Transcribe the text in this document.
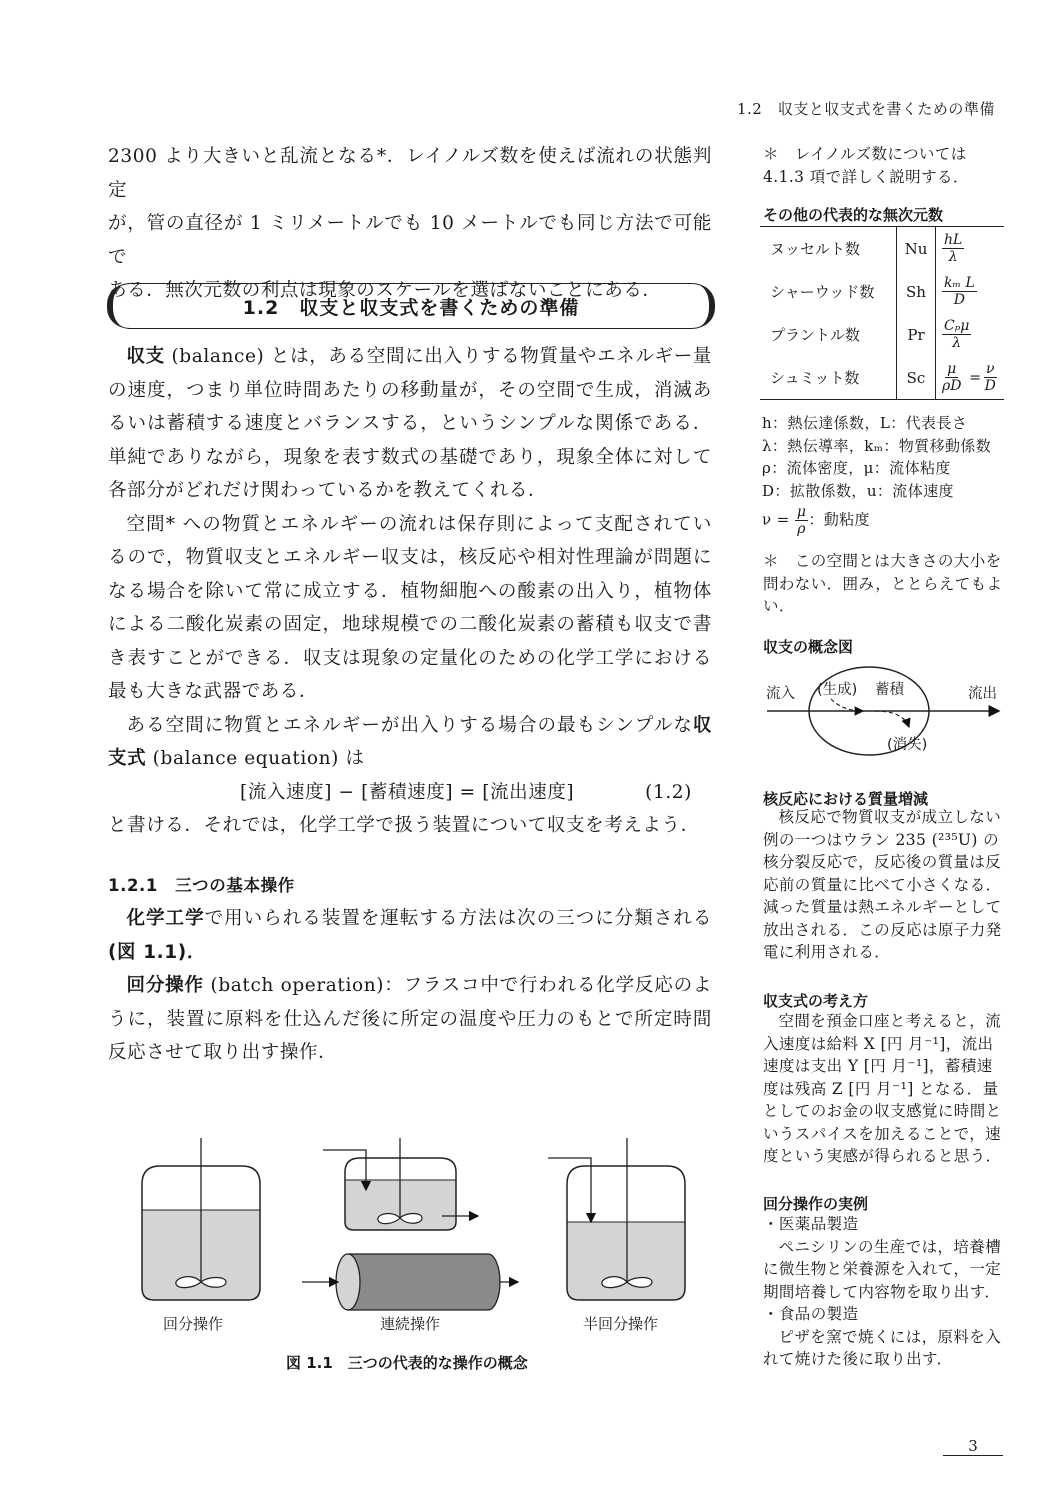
1.2　収支と収支式を書くための準備
2300 より大きいと乱流となる*．レイノルズ数を使えば流れの状態判定
が，管の直径が 1 ミリメートルでも 10 メートルでも同じ方法で可能で
ある．無次元数の利点は現象のスケールを選ばないことにある．
1.2　収支と収支式を書くための準備
収支 (balance) とは，ある空間に出入りする物質量やエネルギー量の速度，つまり単位時間あたりの移動量が，その空間で生成，消滅あるいは蓄積する速度とバランスする，というシンプルな関係である．単純でありながら，現象を表す数式の基礎であり，現象全体に対して各部分がどれだけ関わっているかを教えてくれる．
空間* への物質とエネルギーの流れは保存則によって支配されているので，物質収支とエネルギー収支は，核反応や相対性理論が問題になる場合を除いて常に成立する．植物細胞への酸素の出入り，植物体による二酸化炭素の固定，地球規模での二酸化炭素の蓄積も収支で書き表すことができる．収支は現象の定量化のための化学工学における最も大きな武器である．
ある空間に物質とエネルギーが出入りする場合の最もシンプルな収支式 (balance equation) は
[流入速度] − [蓄積速度] = [流出速度]	(1.2)
と書ける．それでは，化学工学で扱う装置について収支を考えよう．
1.2.1　三つの基本操作
化学工学で用いられる装置を運転する方法は次の三つに分類される(図 1.1)．
回分操作 (batch operation)：フラスコ中で行われる化学反応のように，装置に原料を仕込んだ後に所定の温度や圧力のもとで所定時間反応させて取り出す操作．
回分操作	連続操作	半回分操作
図 1.1　三つの代表的な操作の概念
＊　レイノルズ数については 4.1.3 項で詳しく説明する．
その他の代表的な無次元数
ヌッセルト数	Nu	$\frac{hL}{\lambda}$

シャーウッド数	Sh	$\frac{\text{kₘ L}}{D}$

プラントル数	Pr	$\frac{\text{Cₚμ}}{\lambda}$

シュミット数	Sc	$\frac{\mu}{\rho D} = \frac{\nu}{D}$
h：熱伝達係数，L：代表長さ
λ：熱伝導率，kₘ：物質移動係数
ρ：流体密度，μ：流体粘度
D：拡散係数，u：流体速度
$\nu = \frac{\mu}{\rho}$ ：動粘度
＊　この空間とは大きさの大小を問わない．囲み，ととらえてもよい．
収支の概念図
流入 (生成) 蓄積	流出
(消失)
核反応における質量増減
核反応で物質収支が成立しない例の一つはウラン 235 (²³⁵U) の核分裂反応で，反応後の質量は反応前の質量に比べて小さくなる．減った質量は熱エネルギーとして放出される．この反応は原子力発電に利用される．
収支式の考え方
空間を預金口座と考えると，流入速度は給料 X [円 月⁻¹]，流出速度は支出 Y [円 月⁻¹]，蓄積速度は残高 Z [円 月⁻¹] となる．量としてのお金の収支感覚に時間というスパイスを加えることで，速度という実感が得られると思う．
回分操作の実例
・医薬品製造
ペニシリンの生産では，培養槽に微生物と栄養源を入れて，一定期間培養して内容物を取り出す．
・食品の製造
ピザを窯で焼くには，原料を入れて焼けた後に取り出す．
3
